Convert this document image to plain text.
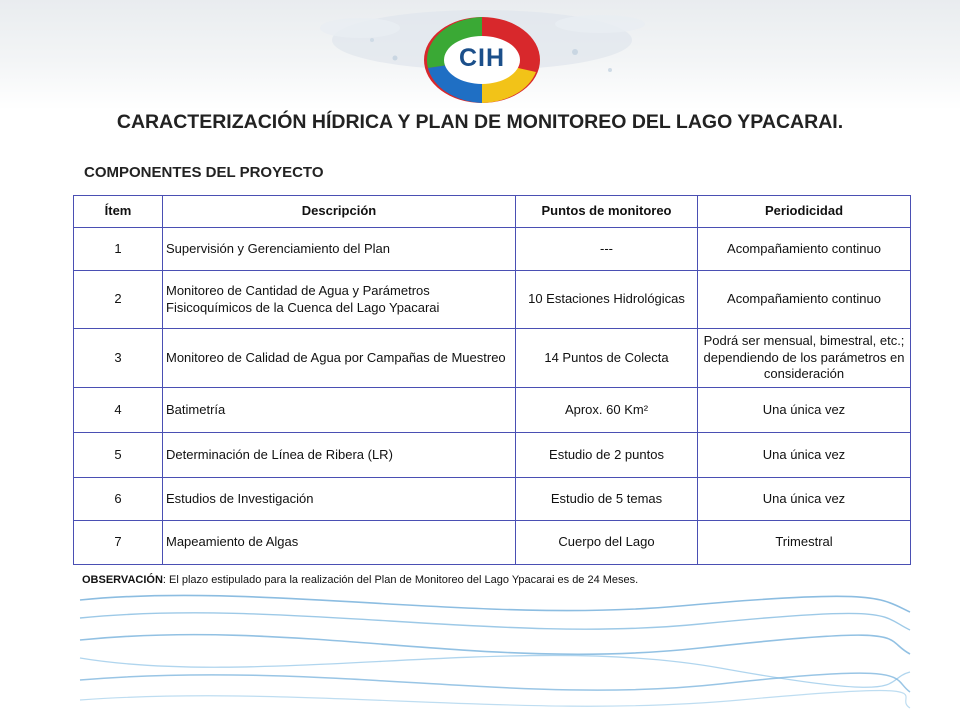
CIH
CARACTERIZACIÓN HÍDRICA Y PLAN DE MONITOREO DEL LAGO YPACARAI.
COMPONENTES DEL PROYECTO
Ítem	Descripción	Puntos de monitoreo	Periodicidad
1	Supervisión y Gerenciamiento del Plan	---	Acompañamiento continuo
2	Monitoreo de Cantidad de Agua y Parámetros Fisicoquímicos de la Cuenca del Lago Ypacarai	10 Estaciones Hidrológicas	Acompañamiento continuo
3	Monitoreo de Calidad de Agua por Campañas de Muestreo	14 Puntos de Colecta	Podrá ser mensual, bimestral, etc.; dependiendo de los parámetros en consideración
4	Batimetría	Aprox. 60 Km²	Una única vez
5	Determinación de Línea de Ribera (LR)	Estudio de 2 puntos	Una única vez
6	Estudios de Investigación	Estudio de 5 temas	Una única vez
7	Mapeamiento de Algas	Cuerpo del Lago	Trimestral
OBSERVACIÓN: El plazo estipulado para la realización del Plan de Monitoreo del Lago Ypacarai es de 24 Meses.
